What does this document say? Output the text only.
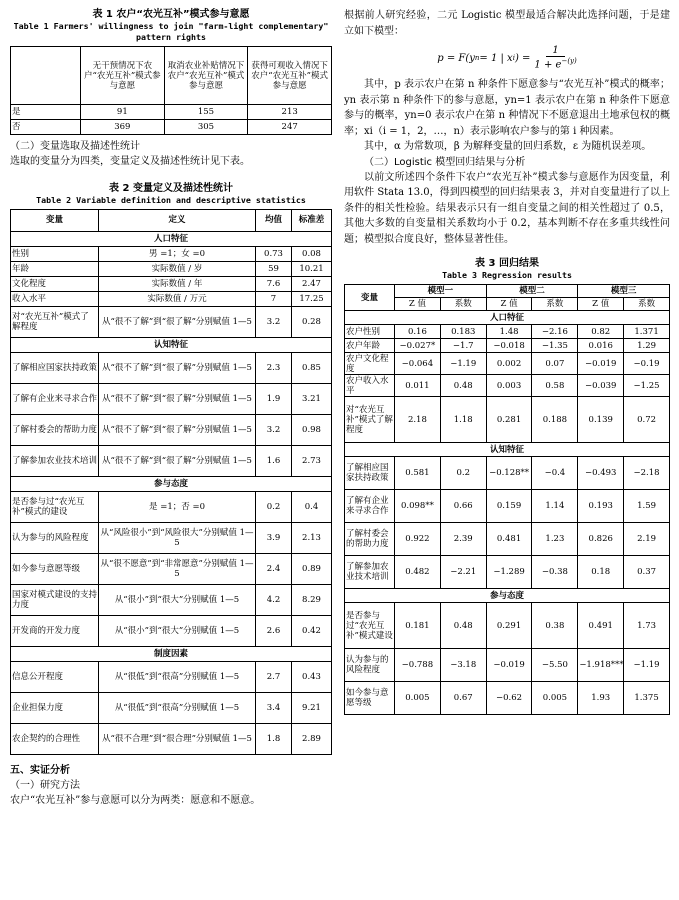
表 1 农户“农光互补”模式参与意愿
Table 1 Farmers' willingness to join "farm-light complementary" pattern rights
	无干预情况下农户“农光互补”模式参与意愿	取消农业补贴情况下农户“农光互补”模式参与意愿	获得可观收入情况下农户“农光互补”模式参与意愿
是	91	155	213
否	369	305	247
（二）变量选取及描述性统计

选取的变量分为四类，变量定义及描述性统计见下表。

表 2 变量定义及描述性统计
Table 2 Variable definition and descriptive statistics
变量	定义	均值	标准差
人口特征			
性别	男 =1；女 =0	0.73	0.08
年龄	实际数值 / 岁	59	10.21
文化程度	实际数值 / 年	7.6	2.47
收入水平	实际数值 / 万元	7	17.25
对“农光互补”模式了解程度	从“很不了解”到“很了解”分别赋值 1—5	3.2	0.28
认知特征			
了解相应国家扶持政策	从“很不了解”到“很了解”分别赋值 1—5	2.3	0.85
了解有企业来寻求合作	从“很不了解”到“很了解”分别赋值 1—5	1.9	3.21
了解村委会的帮助力度	从“很不了解”到“很了解”分别赋值 1—5	3.2	0.98
了解参加农业技术培训	从“很不了解”到“很了解”分别赋值 1—5	1.6	2.73
参与态度			
是否参与过“农光互补”模式的建设	是 =1；否 =0	0.2	0.4
认为参与的风险程度	从“风险很小”到“风险很大”分别赋值 1—5	3.9	2.13
如今参与意愿等级	从“很不愿意”到“非常愿意”分别赋值 1—5	2.4	0.89
国家对模式建设的支持力度	从“很小”到“很大”分别赋值 1—5	4.2	8.29
开发商的开发力度	从“很小”到“很大”分别赋值 1—5	2.6	0.42
制度因素			
信息公开程度	从“很低”到“很高”分别赋值 1—5	2.7	0.43
企业担保力度	从“很低”到“很高”分别赋值 1—5	3.4	9.21
农企契约的合理性	从“很不合理”到“很合理”分别赋值 1—5	1.8	2.89
五、实证分析
（一）研究方法

农户“农光互补”参与意愿可以分为两类：愿意和不愿意。

根据前人研究经验，二元 Logistic 模型最适合解决此选择问题，于是建立如下模型：

p = F(y n = 1 | x i ) = $\frac{1}{1 + e^{-(y)}}$

其中，p 表示农户在第 n 种条件下愿意参与“农光互补”模式的概率；yn 表示第 n 种条件下的参与意愿，yn=1 表示农户在第 n 种条件下愿意参与的概率，yn=0 表示农户在第 n 种情况下不愿意退出土地承包权的概率；xi（i = 1，2，…，n）表示影响农户参与的第 i 种因素。

其中，α 为常数项，β 为解释变量的回归系数，ε 为随机误差项。

（二）Logistic 模型回归结果与分析

以前文所述四个条件下农户“农光互补”模式参与意愿作为因变量，利用软件 Stata 13.0，得到四模型的回归结果表 3，并对自变量进行了以上条件的相关性检验。结果表示只有一组自变量之间的相关性超过了 0.5，其他大多数的自变量相关系数均小于 0.2，基本判断不存在多重共线性问题；模型拟合度良好，整体显著性佳。

表 3 回归结果
Table 3 Regression results
变量	模型一		模型二		模型三	
	Z 值	系数	Z 值	系数	Z 值	系数
人口特征						
农户性别	0.16	0.183	1.48	−2.16	0.82	1.371
农户年龄	−0.027*	−1.7	−0.018	−1.35	0.016	1.29
农户文化程度	−0.064	−1.19	0.002	0.07	−0.019	−0.19
农户收入水平	0.011	0.48	0.003	0.58	−0.039	−1.25
对“农光互补”模式了解程度	2.18	1.18	0.281	0.188	0.139	0.72
认知特征						
了解相应国家扶持政策	0.581	0.2	−0.128**	−0.4	−0.493	−2.18
了解有企业来寻求合作	0.098**	0.66	0.159	1.14	0.193	1.59
了解村委会的帮助力度	0.922	2.39	0.481	1.23	0.826	2.19
了解参加农业技术培训	0.482	−2.21	−1.289	−0.38	0.18	0.37
参与态度						
是否参与过“农光互补”模式建设	0.181	0.48	0.291	0.38	0.491	1.73
认为参与的风险程度	−0.788	−3.18	−0.019	−5.50	−1.918***	−1.19
如今参与意愿等级	0.005	0.67	−0.62	0.005	1.93	1.375
